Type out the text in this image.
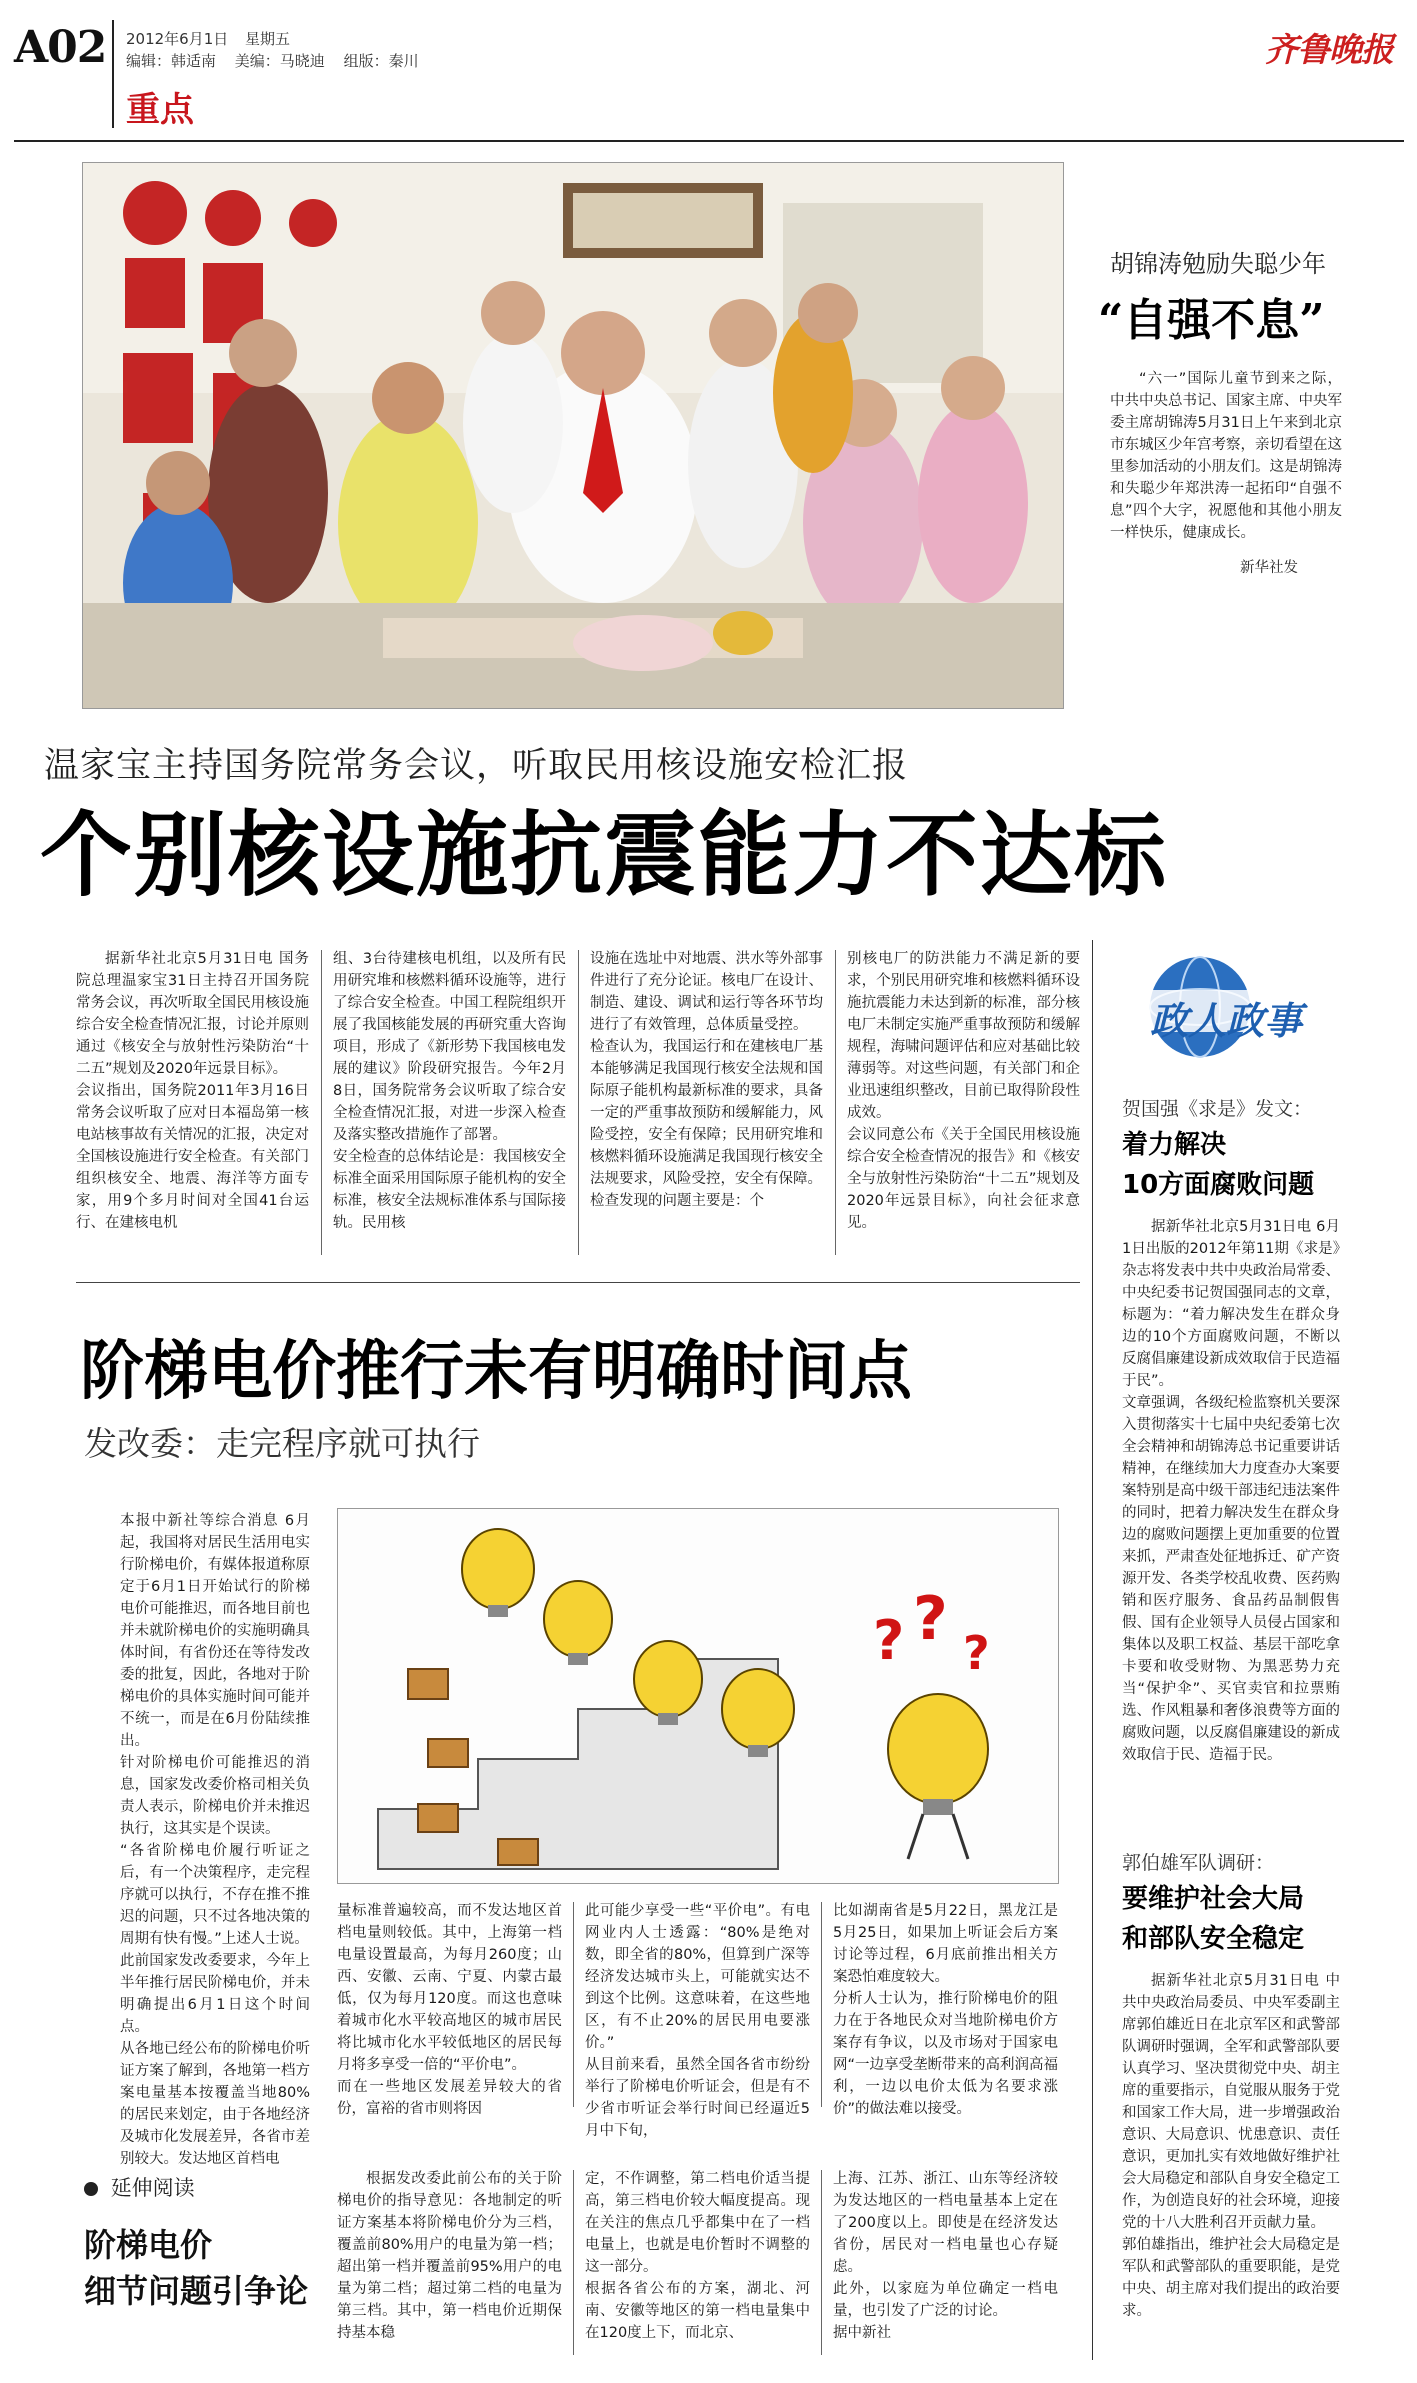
A02 2012年6月1日 星期五
编辑：韩适南 美编：马晓迪 组版：秦川
重点
齐鲁晚报
胡锦涛勉励失聪少年
“自强不息”

“六一”国际儿童节到来之际，中共中央总书记、国家主席、中央军委主席胡锦涛5月31日上午来到北京市东城区少年宫考察，亲切看望在这里参加活动的小朋友们。这是胡锦涛和失聪少年郑洪涛一起拓印“自强不息”四个大字，祝愿他和其他小朋友一样快乐，健康成长。

新华社发
温家宝主持国务院常务会议，听取民用核设施安检汇报
个别核设施抗震能力不达标
据新华社北京5月31日电 国务院总理温家宝31日主持召开国务院常务会议，再次听取全国民用核设施综合安全检查情况汇报，讨论并原则通过《核安全与放射性污染防治“十二五”规划及2020年远景目标》。
会议指出，国务院2011年3月16日常务会议听取了应对日本福岛第一核电站核事故有关情况的汇报，决定对全国核设施进行安全检查。有关部门组织核安全、地震、海洋等方面专家，用9个多月时间对全国41台运行、在建核电机
组、3台待建核电机组，以及所有民用研究堆和核燃料循环设施等，进行了综合安全检查。中国工程院组织开展了我国核能发展的再研究重大咨询项目，形成了《新形势下我国核电发展的建议》阶段研究报告。今年2月8日，国务院常务会议听取了综合安全检查情况汇报，对进一步深入检查及落实整改措施作了部署。
安全检查的总体结论是：我国核安全标准全面采用国际原子能机构的安全标准，核安全法规标准体系与国际接轨。民用核
设施在选址中对地震、洪水等外部事件进行了充分论证。核电厂在设计、制造、建设、调试和运行等各环节均进行了有效管理，总体质量受控。
检查认为，我国运行和在建核电厂基本能够满足我国现行核安全法规和国际原子能机构最新标准的要求，具备一定的严重事故预防和缓解能力，风险受控，安全有保障；民用研究堆和核燃料循环设施满足我国现行核安全法规要求，风险受控，安全有保障。
检查发现的问题主要是：个
别核电厂的防洪能力不满足新的要求，个别民用研究堆和核燃料循环设施抗震能力未达到新的标准，部分核电厂未制定实施严重事故预防和缓解规程，海啸问题评估和应对基础比较薄弱等。对这些问题，有关部门和企业迅速组织整改，目前已取得阶段性成效。
会议同意公布《关于全国民用核设施综合安全检查情况的报告》和《核安全与放射性污染防治“十二五”规划及2020年远景目标》，向社会征求意见。
阶梯电价推行未有明确时间点
发改委：走完程序就可执行
本报中新社等综合消息 6月起，我国将对居民生活用电实行阶梯电价，有媒体报道称原定于6月1日开始试行的阶梯电价可能推迟，而各地目前也并未就阶梯电价的实施明确具体时间，有省份还在等待发改委的批复，因此，各地对于阶梯电价的具体实施时间可能并不统一，而是在6月份陆续推出。
针对阶梯电价可能推迟的消息，国家发改委价格司相关负责人表示，阶梯电价并未推迟执行，这其实是个误读。
“各省阶梯电价履行听证之后，有一个决策程序，走完程序就可以执行，不存在推不推迟的问题，只不过各地决策的周期有快有慢。”上述人士说。
此前国家发改委要求，今年上半年推行居民阶梯电价，并未明确提出6月1日这个时间点。
从各地已经公布的阶梯电价听证方案了解到，各地第一档方案电量基本按覆盖当地80%的居民来划定，由于各地经济及城市化发展差异，各省市差别较大。发达地区首档电
? ? ?
量标准普遍较高，而不发达地区首档电量则较低。其中，上海第一档电量设置最高，为每月260度；山西、安徽、云南、宁夏、内蒙古最低，仅为每月120度。而这也意味着城市化水平较高地区的城市居民将比城市化水平较低地区的居民每月将多享受一倍的“平价电”。
而在一些地区发展差异较大的省份，富裕的省市则将因
此可能少享受一些“平价电”。有电网业内人士透露：“80%是绝对数，即全省的80%，但算到广深等经济发达城市头上，可能就实达不到这个比例。这意味着，在这些地区，有不止20%的居民用电要涨价。”
从目前来看，虽然全国各省市纷纷举行了阶梯电价听证会，但是有不少省市听证会举行时间已经逼近5月中下旬，
比如湖南省是5月22日，黑龙江是5月25日，如果加上听证会后方案讨论等过程，6月底前推出相关方案恐怕难度较大。
分析人士认为，推行阶梯电价的阻力在于各地民众对当地阶梯电价方案存有争议，以及市场对于国家电网“一边享受垄断带来的高利润高福利，一边以电价太低为名要求涨价”的做法难以接受。
延伸阅读
阶梯电价
细节问题引争论
根据发改委此前公布的关于阶梯电价的指导意见：各地制定的听证方案基本将阶梯电价分为三档，覆盖前80%用户的电量为第一档；超出第一档并覆盖前95%用户的电量为第二档；超过第二档的电量为第三档。其中，第一档电价近期保持基本稳
定，不作调整，第二档电价适当提高，第三档电价较大幅度提高。现在关注的焦点几乎都集中在了一档电量上，也就是电价暂时不调整的这一部分。
根据各省公布的方案，湖北、河南、安徽等地区的第一档电量集中在120度上下，而北京、
上海、江苏、浙江、山东等经济较为发达地区的一档电量基本上定在了200度以上。即使是在经济发达省份，居民对一档电量也心存疑虑。
此外，以家庭为单位确定一档电量，也引发了广泛的讨论。
据中新社
政人政事
贺国强《求是》发文：
着力解决
10方面腐败问题
据新华社北京5月31日电 6月1日出版的2012年第11期《求是》杂志将发表中共中央政治局常委、中央纪委书记贺国强同志的文章，标题为：“着力解决发生在群众身边的10个方面腐败问题，不断以反腐倡廉建设新成效取信于民造福于民”。
文章强调，各级纪检监察机关要深入贯彻落实十七届中央纪委第七次全会精神和胡锦涛总书记重要讲话精神，在继续加大力度查办大案要案特别是高中级干部违纪违法案件的同时，把着力解决发生在群众身边的腐败问题摆上更加重要的位置来抓，严肃查处征地拆迁、矿产资源开发、各类学校乱收费、医药购销和医疗服务、食品药品制假售假、国有企业领导人员侵占国家和集体以及职工权益、基层干部吃拿卡要和收受财物、为黑恶势力充当“保护伞”、买官卖官和拉票贿选、作风粗暴和奢侈浪费等方面的腐败问题，以反腐倡廉建设的新成效取信于民、造福于民。
郭伯雄军队调研：
要维护社会大局
和部队安全稳定
据新华社北京5月31日电 中共中央政治局委员、中央军委副主席郭伯雄近日在北京军区和武警部队调研时强调，全军和武警部队要认真学习、坚决贯彻党中央、胡主席的重要指示，自觉服从服务于党和国家工作大局，进一步增强政治意识、大局意识、忧患意识、责任意识，更加扎实有效地做好维护社会大局稳定和部队自身安全稳定工作，为创造良好的社会环境，迎接党的十八大胜利召开贡献力量。
郭伯雄指出，维护社会大局稳定是军队和武警部队的重要职能，是党中央、胡主席对我们提出的政治要求。
